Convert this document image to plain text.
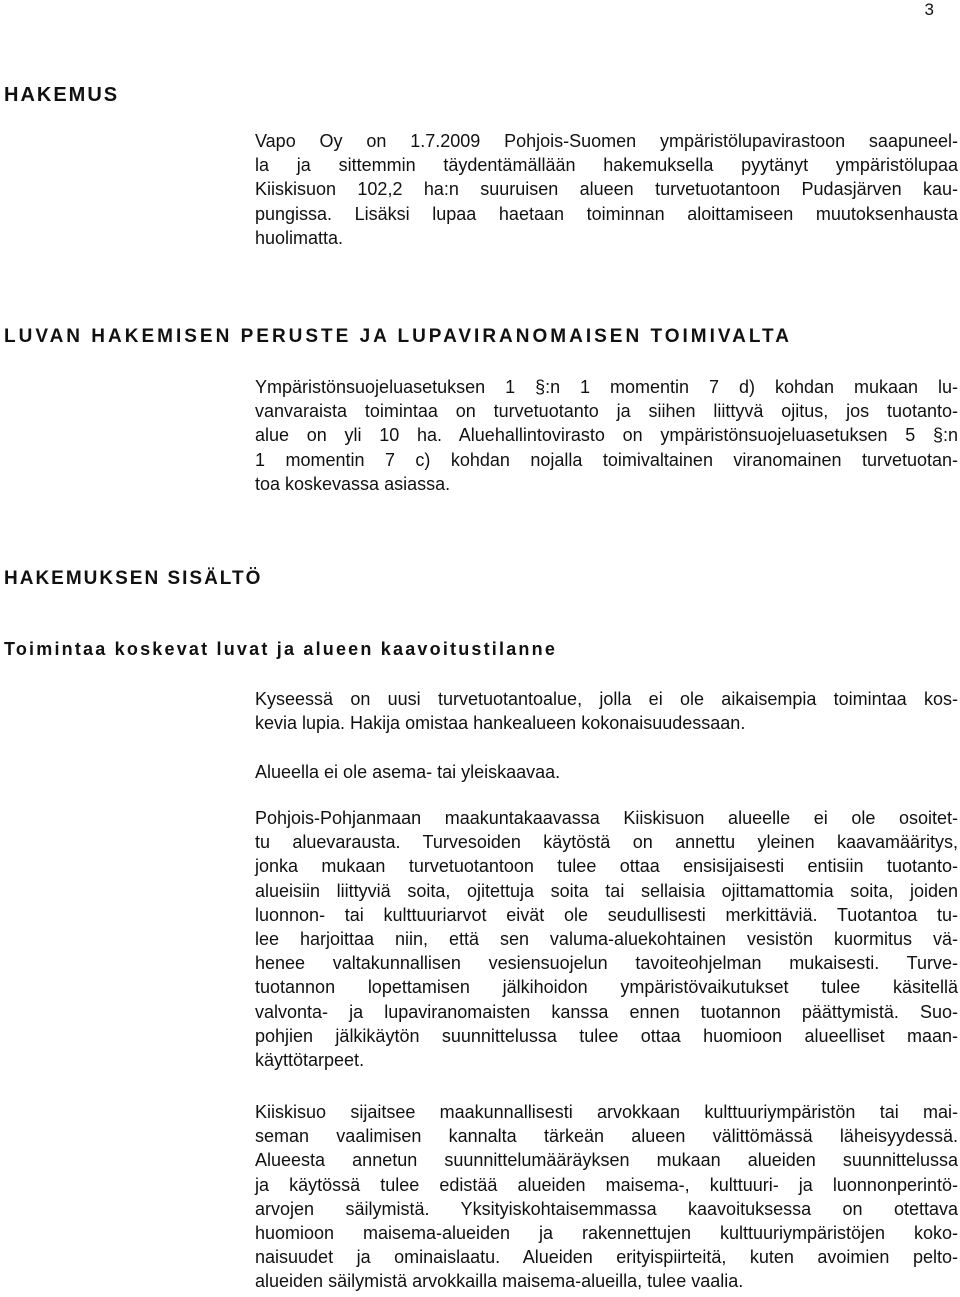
3
HAKEMUS
Vapo Oy on 1.7.2009 Pohjois-Suomen ympäristölupavirastoon saapuneel-
la ja sittemmin täydentämällään hakemuksella pyytänyt ympäristölupaa
Kiiskisuon 102,2 ha:n suuruisen alueen turvetuotantoon Pudasjärven kau-
pungissa. Lisäksi lupaa haetaan toiminnan aloittamiseen muutoksenhausta
huolimatta.
LUVAN HAKEMISEN PERUSTE JA LUPAVIRANOMAISEN TOIMIVALTA
Ympäristönsuojeluasetuksen 1 §:n 1 momentin 7 d) kohdan mukaan lu-
vanvaraista toimintaa on turvetuotanto ja siihen liittyvä ojitus, jos tuotanto-
alue on yli 10 ha. Aluehallintovirasto on ympäristönsuojeluasetuksen 5 §:n
1 momentin 7 c) kohdan nojalla toimivaltainen viranomainen turvetuotan-
toa koskevassa asiassa.
HAKEMUKSEN SISÄLTÖ
Toimintaa koskevat luvat ja alueen kaavoitustilanne
Kyseessä on uusi turvetuotantoalue, jolla ei ole aikaisempia toimintaa kos-
kevia lupia. Hakija omistaa hankealueen kokonaisuudessaan.
Alueella ei ole asema- tai yleiskaavaa.
Pohjois-Pohjanmaan maakuntakaavassa Kiiskisuon alueelle ei ole osoitet-
tu aluevarausta. Turvesoiden käytöstä on annettu yleinen kaavamääritys,
jonka mukaan turvetuotantoon tulee ottaa ensisijaisesti entisiin tuotanto-
alueisiin liittyviä soita, ojitettuja soita tai sellaisia ojittamattomia soita, joiden
luonnon- tai kulttuuriarvot eivät ole seudullisesti merkittäviä. Tuotantoa tu-
lee harjoittaa niin, että sen valuma-aluekohtainen vesistön kuormitus vä-
henee valtakunnallisen vesiensuojelun tavoiteohjelman mukaisesti. Turve-
tuotannon lopettamisen jälkihoidon ympäristövaikutukset tulee käsitellä
valvonta- ja lupaviranomaisten kanssa ennen tuotannon päättymistä. Suo-
pohjien jälkikäytön suunnittelussa tulee ottaa huomioon alueelliset maan-
käyttötarpeet.
Kiiskisuo sijaitsee maakunnallisesti arvokkaan kulttuuriympäristön tai mai-
seman vaalimisen kannalta tärkeän alueen välittömässä läheisyydessä.
Alueesta annetun suunnittelumääräyksen mukaan alueiden suunnittelussa
ja käytössä tulee edistää alueiden maisema-, kulttuuri- ja luonnonperintö-
arvojen säilymistä. Yksityiskohtaisemmassa kaavoituksessa on otettava
huomioon maisema-alueiden ja rakennettujen kulttuuriympäristöjen koko-
naisuudet ja ominaislaatu. Alueiden erityispiirteitä, kuten avoimien pelto-
alueiden säilymistä arvokkailla maisema-alueilla, tulee vaalia.
